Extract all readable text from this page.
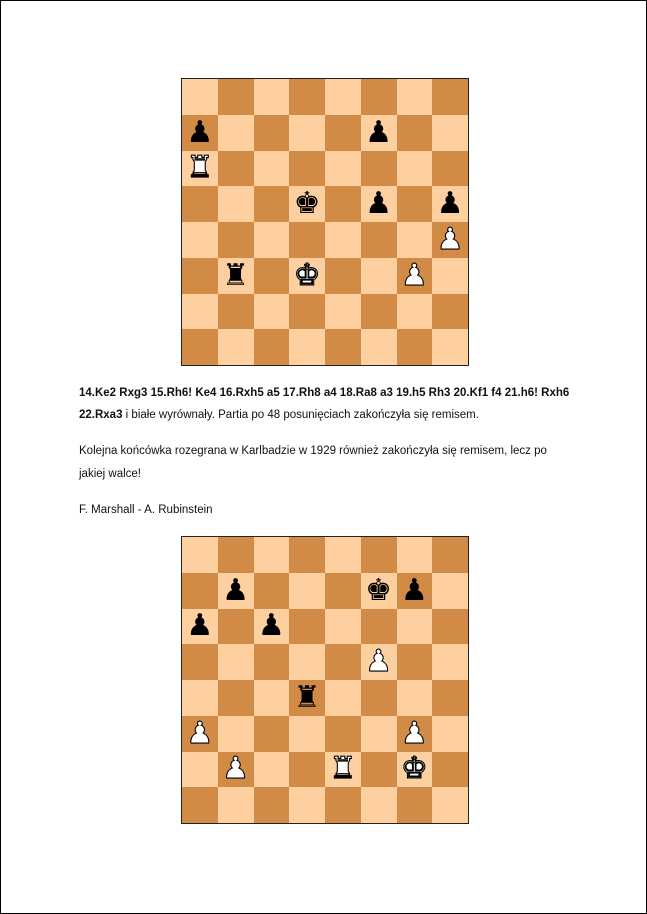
♟	♟
♜
♚ ♟ ♟
♟
♜ ♚	♟
14.Ke2 Rxg3 15.Rh6! Ke4 16.Rxh5 a5 17.Rh8 a4 18.Ra8 a3 19.h5 Rh3 20.Kf1 f4 21.h6! Rxh6
22.Rxa3 i białe wyrównały. Partia po 48 posunięciach zakończyła się remisem.
Kolejna końcówka rozegrana w Karlbadzie w 1929 również zakończyła się remisem, lecz po
jakiej walce!
F. Marshall - A. Rubinstein
♟	♚ ♟
♟ ♟
♟
♜
♟	♟
♟	♜ ♚
